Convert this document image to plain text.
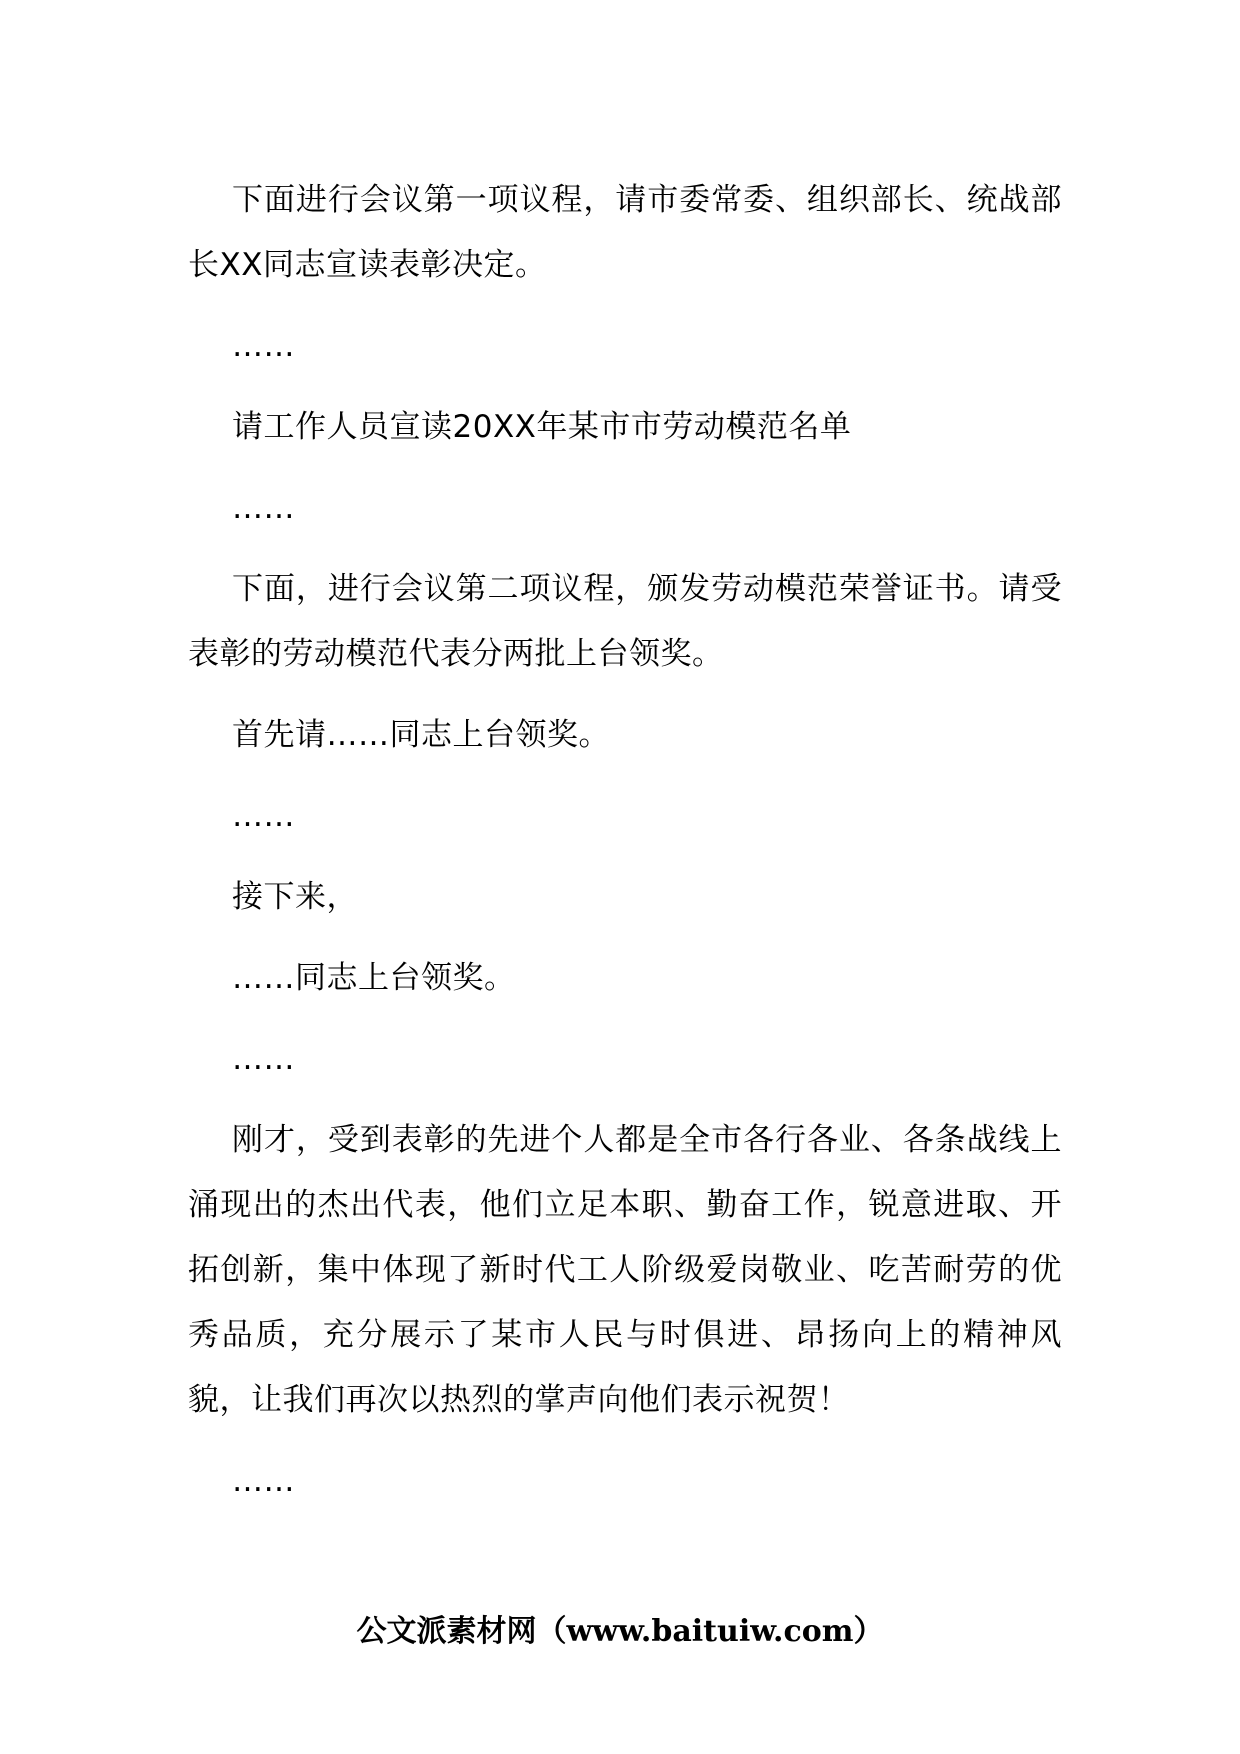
下面进行会议第一项议程，请市委常委、组织部长、统战部长XX同志宣读表彰决定。

……

请工作人员宣读20XX年某市市劳动模范名单

……

下面，进行会议第二项议程，颁发劳动模范荣誉证书。请受表彰的劳动模范代表分两批上台领奖。

首先请……同志上台领奖。

……

接下来，

……同志上台领奖。

……

刚才，受到表彰的先进个人都是全市各行各业、各条战线上涌现出的杰出代表，他们立足本职、勤奋工作，锐意进取、开拓创新，集中体现了新时代工人阶级爱岗敬业、吃苦耐劳的优秀品质，充分展示了某市人民与时俱进、昂扬向上的精神风貌，让我们再次以热烈的掌声向他们表示祝贺！

……

公文派素材网（www.baituiw.com）
